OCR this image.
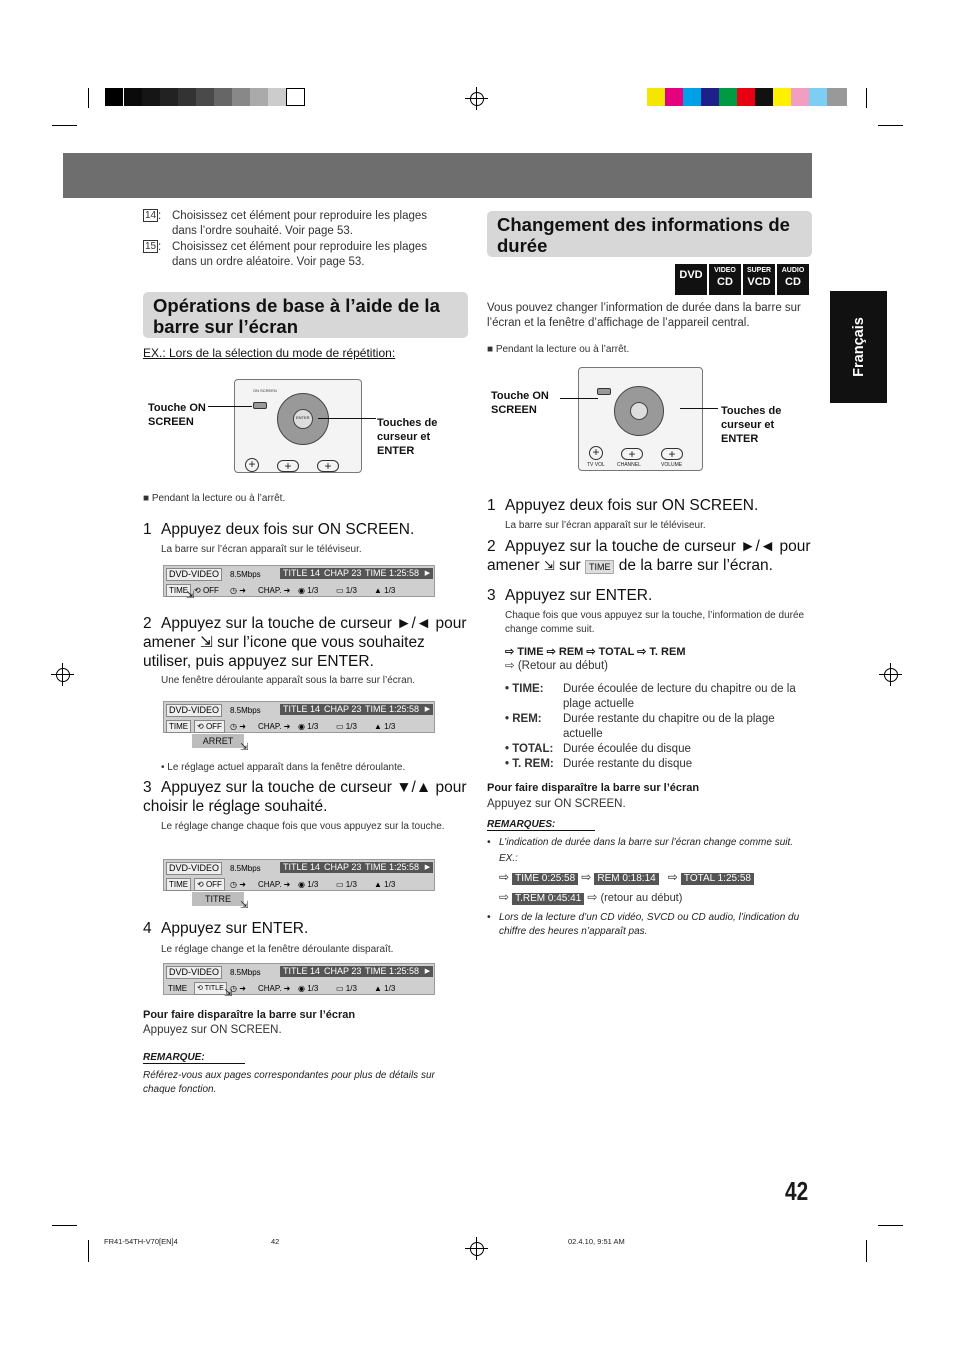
Français
14 : Choisissez cet élément pour reproduire les plages dans l’ordre souhaité. Voir page 53.
15 : Choisissez cet élément pour reproduire les plages dans un ordre aléatoire. Voir page 53.
Opérations de base à l’aide de la barre sur l’écran
EX.: Lors de la sélection du mode de répétition:
ON SCREEN
ENTER
+	+	+
Touche ON SCREEN	Touches de curseur et ENTER
■ Pendant la lecture ou à l’arrêt.
1 Appuyez deux fois sur ON SCREEN.
La barre sur l’écran apparaît sur le téléviseur.
DVD-VIDEO	8.5Mbps	TITLE 14 CHAP 23 TIME 1:25:58 ▶
TIME ⟲ OFF ◷ ➜ CHAP. ➜ ◉ 1/3 ▭ 1/3 ▲ 1/3
⇲
2 Appuyez sur la touche de curseur ►/◄ pour amener ⇲ sur l’icone que vous souhaitez utiliser, puis appuyez sur ENTER.
Une fenêtre déroulante apparaît sous la barre sur l’écran.
DVD-VIDEO	8.5Mbps	TITLE 14 CHAP 23 TIME 1:25:58 ▶
TIME	⟲ OFF	◷ ➜ CHAP. ➜ ◉ 1/3 ▭ 1/3 ▲ 1/3
ARRET
⇲
• Le réglage actuel apparaît dans la fenêtre déroulante.
3 Appuyez sur la touche de curseur ▼/▲ pour choisir le réglage souhaité.
Le réglage change chaque fois que vous appuyez sur la touche.
DVD-VIDEO	8.5Mbps	TITLE 14 CHAP 23 TIME 1:25:58 ▶
TIME	⟲ OFF	◷ ➜ CHAP. ➜ ◉ 1/3 ▭ 1/3 ▲ 1/3
TITRE
⇲
4 Appuyez sur ENTER.
Le réglage change et la fenêtre déroulante disparaît.
DVD-VIDEO	8.5Mbps	TITLE 14 CHAP 23 TIME 1:25:58 ▶
TIME	⟲ TITLE ◷ ➜ CHAP. ➜ ◉ 1/3 ▭ 1/3 ▲ 1/3
⇲
Pour faire disparaître la barre sur l’écran
Appuyez sur ON SCREEN.
REMARQUE:
Référez-vous aux pages correspondantes pour plus de détails sur chaque fonction.
Changement des informations de durée
DVD	VIDEO
CD
SUPER
VCD
AUDIO
CD
Vous pouvez changer l’information de durée dans la barre sur l’écran et la fenêtre d’affichage de l’appareil central.
■ Pendant la lecture ou à l’arrêt.
+	+	+
TV VOL CHANNEL	VOLUME
Touche ON SCREEN	Touches de curseur et ENTER
1 Appuyez deux fois sur ON SCREEN.
La barre sur l’écran apparaît sur le téléviseur.
2 Appuyez sur la touche de curseur ►/◄ pour amener ⇲ sur TIME de la barre sur l’écran.
3 Appuyez sur ENTER.
Chaque fois que vous appuyez sur la touche, l’information de durée change comme suit.
⇨ TIME ⇨ REM ⇨ TOTAL ⇨ T. REM
⇨ (Retour au début)
• TIME:	Durée écoulée de lecture du chapitre ou de la plage actuelle
• REM:	Durée restante du chapitre ou de la plage actuelle
• TOTAL: Durée écoulée du disque
• T. REM: Durée restante du disque
Pour faire disparaître la barre sur l’écran
Appuyez sur ON SCREEN.
REMARQUES:
• L’indication de durée dans la barre sur l’écran change comme suit.
EX.:
⇨ TIME 0:25:58 ⇨ REM 0:18:14 ⇨ TOTAL 1:25:58
⇨ T.REM 0:45:41 ⇨ (retour au début)
• Lors de la lecture d’un CD vidéo, SVCD ou CD audio, l’indication du chiffre des heures n’apparaît pas.
42
FR41-54TH-V70[EN]4	42	02.4.10, 9:51 AM
